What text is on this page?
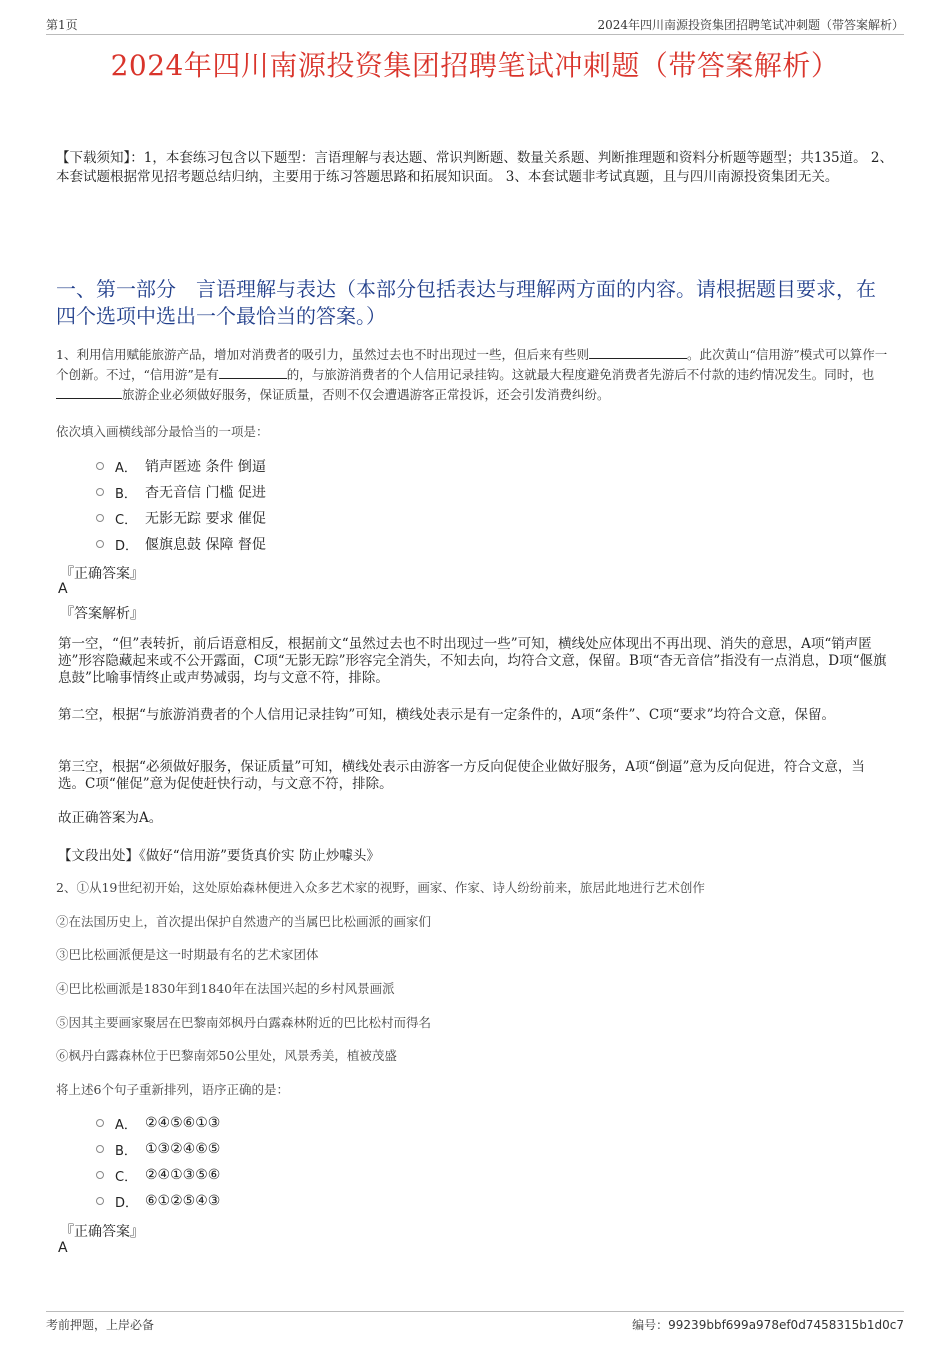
第1页	2024年四川南源投资集团招聘笔试冲刺题（带答案解析）
2024年四川南源投资集团招聘笔试冲刺题（带答案解析）
【下载须知】：1，本套练习包含以下题型：言语理解与表达题、常识判断题、数量关系题、判断推理题和资料分析题等题型；共135道。 2、本套试题根据常见招考题总结归纳，主要用于练习答题思路和拓展知识面。 3、本套试题非考试真题，且与四川南源投资集团无关。
一、第一部分　言语理解与表达（本部分包括表达与理解两方面的内容。请根据题目要求，在四个选项中选出一个最恰当的答案。）
1、利用信用赋能旅游产品，增加对消费者的吸引力，虽然过去也不时出现过一些，但后来有些则	。此次黄山“信用游”模式可以算作一个创新。不过，“信用游”是有	的，与旅游消费者的个人信用记录挂钩。这就最大程度避免消费者先游后不付款的违约情况发生。同时，也旅游企业必须做好服务，保证质量，否则不仅会遭遇游客正常投诉，还会引发消费纠纷。
依次填入画横线部分最恰当的一项是：
A． 销声匿迹 条件 倒逼
B． 杳无音信 门槛 促进
C． 无影无踪 要求 催促
D． 偃旗息鼓 保障 督促
『正确答案』
A
『答案解析』
第一空，“但”表转折，前后语意相反，根据前文“虽然过去也不时出现过一些”可知，横线处应体现出不再出现、消失的意思，A项“销声匿迹”形容隐藏起来或不公开露面，C项“无影无踪”形容完全消失，不知去向，均符合文意，保留。B项“杳无音信”指没有一点消息，D项“偃旗息鼓”比喻事情终止或声势减弱，均与文意不符，排除。
第二空，根据“与旅游消费者的个人信用记录挂钩”可知，横线处表示是有一定条件的，A项“条件”、C项“要求”均符合文意，保留。
第三空，根据“必须做好服务，保证质量”可知，横线处表示由游客一方反向促使企业做好服务，A项“倒逼”意为反向促进，符合文意，当选。C项“催促”意为促使赶快行动，与文意不符，排除。
故正确答案为A。
【文段出处】《做好“信用游”要货真价实 防止炒噱头》
2、①从19世纪初开始，这处原始森林便进入众多艺术家的视野，画家、作家、诗人纷纷前来，旅居此地进行艺术创作
②在法国历史上，首次提出保护自然遗产的当属巴比松画派的画家们
③巴比松画派便是这一时期最有名的艺术家团体
④巴比松画派是1830年到1840年在法国兴起的乡村风景画派
⑤因其主要画家聚居在巴黎南郊枫丹白露森林附近的巴比松村而得名
⑥枫丹白露森林位于巴黎南郊50公里处，风景秀美，植被茂盛
将上述6个句子重新排列，语序正确的是：
A． ②④⑤⑥①③
B． ①③②④⑥⑤
C． ②④①③⑤⑥
D． ⑥①②⑤④③
『正确答案』
A
考前押题，上岸必备	编号：99239bbf699a978ef0d7458315b1d0c7
